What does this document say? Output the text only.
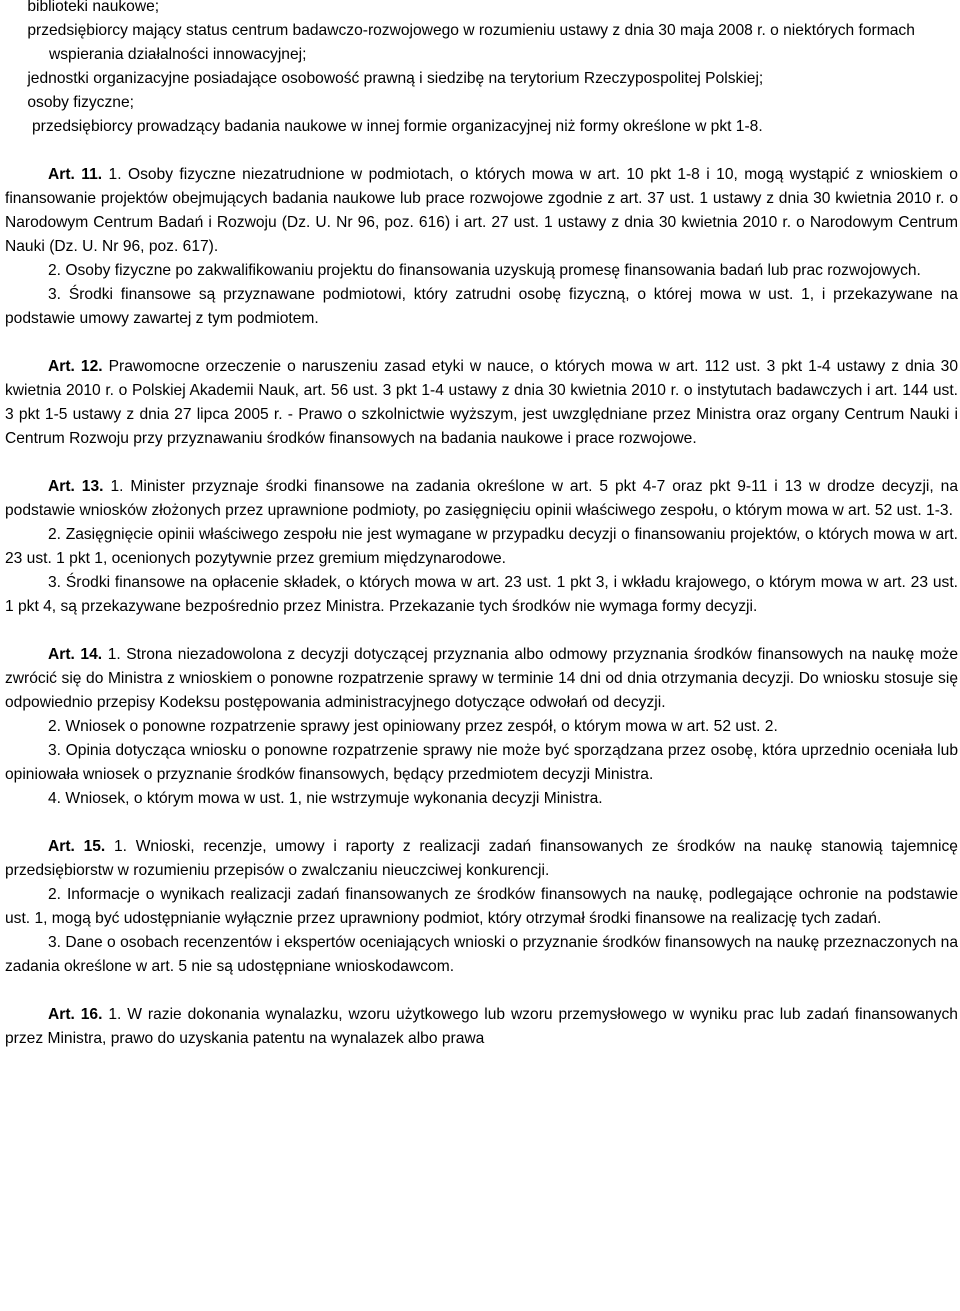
biblioteki naukowe;

przedsiębiorcy mający status centrum badawczo-rozwojowego w rozumieniu ustawy z dnia 30 maja 2008 r. o niektórych formach wspierania działalności innowacyjnej;

jednostki organizacyjne posiadające osobowość prawną i siedzibę na terytorium Rzeczypospolitej Polskiej;

osoby fizyczne;

przedsiębiorcy prowadzący badania naukowe w innej formie organizacyjnej niż formy określone w pkt 1-8.

Art. 11. 1. Osoby fizyczne niezatrudnione w podmiotach, o których mowa w art. 10 pkt 1-8 i 10, mogą wystąpić z wnioskiem o finansowanie projektów obejmujących badania naukowe lub prace rozwojowe zgodnie z art. 37 ust. 1 ustawy z dnia 30 kwietnia 2010 r. o Narodowym Centrum Badań i Rozwoju (Dz. U. Nr 96, poz. 616) i art. 27 ust. 1 ustawy z dnia 30 kwietnia 2010 r. o Narodowym Centrum Nauki (Dz. U. Nr 96, poz. 617).

2. Osoby fizyczne po zakwalifikowaniu projektu do finansowania uzyskują promesę finansowania badań lub prac rozwojowych.

3. Środki finansowe są przyznawane podmiotowi, który zatrudni osobę fizyczną, o której mowa w ust. 1, i przekazywane na podstawie umowy zawartej z tym podmiotem.

Art. 12. Prawomocne orzeczenie o naruszeniu zasad etyki w nauce, o których mowa w art. 112 ust. 3 pkt 1-4 ustawy z dnia 30 kwietnia 2010 r. o Polskiej Akademii Nauk, art. 56 ust. 3 pkt 1-4 ustawy z dnia 30 kwietnia 2010 r. o instytutach badawczych i art. 144 ust. 3 pkt 1-5 ustawy z dnia 27 lipca 2005 r. - Prawo o szkolnictwie wyższym, jest uwzględniane przez Ministra oraz organy Centrum Nauki i Centrum Rozwoju przy przyznawaniu środków finansowych na badania naukowe i prace rozwojowe.

Art. 13. 1. Minister przyznaje środki finansowe na zadania określone w art. 5 pkt 4-7 oraz pkt 9-11 i 13 w drodze decyzji, na podstawie wniosków złożonych przez uprawnione podmioty, po zasięgnięciu opinii właściwego zespołu, o którym mowa w art. 52 ust. 1-3.

2. Zasięgnięcie opinii właściwego zespołu nie jest wymagane w przypadku decyzji o finansowaniu projektów, o których mowa w art. 23 ust. 1 pkt 1, ocenionych pozytywnie przez gremium międzynarodowe.

3. Środki finansowe na opłacenie składek, o których mowa w art. 23 ust. 1 pkt 3, i wkładu krajowego, o którym mowa w art. 23 ust. 1 pkt 4, są przekazywane bezpośrednio przez Ministra. Przekazanie tych środków nie wymaga formy decyzji.

Art. 14. 1. Strona niezadowolona z decyzji dotyczącej przyznania albo odmowy przyznania środków finansowych na naukę może zwrócić się do Ministra z wnioskiem o ponowne rozpatrzenie sprawy w terminie 14 dni od dnia otrzymania decyzji. Do wniosku stosuje się odpowiednio przepisy Kodeksu postępowania administracyjnego dotyczące odwołań od decyzji.

2. Wniosek o ponowne rozpatrzenie sprawy jest opiniowany przez zespół, o którym mowa w art. 52 ust. 2.

3. Opinia dotycząca wniosku o ponowne rozpatrzenie sprawy nie może być sporządzana przez osobę, która uprzednio oceniała lub opiniowała wniosek o przyznanie środków finansowych, będący przedmiotem decyzji Ministra.

4. Wniosek, o którym mowa w ust. 1, nie wstrzymuje wykonania decyzji Ministra.

Art. 15. 1. Wnioski, recenzje, umowy i raporty z realizacji zadań finansowanych ze środków na naukę stanowią tajemnicę przedsiębiorstw w rozumieniu przepisów o zwalczaniu nieuczciwej konkurencji.

2. Informacje o wynikach realizacji zadań finansowanych ze środków finansowych na naukę, podlegające ochronie na podstawie ust. 1, mogą być udostępnianie wyłącznie przez uprawniony podmiot, który otrzymał środki finansowe na realizację tych zadań.

3. Dane o osobach recenzentów i ekspertów oceniających wnioski o przyznanie środków finansowych na naukę przeznaczonych na zadania określone w art. 5 nie są udostępniane wnioskodawcom.

Art. 16. 1. W razie dokonania wynalazku, wzoru użytkowego lub wzoru przemysłowego w wyniku prac lub zadań finansowanych przez Ministra, prawo do uzyskania patentu na wynalazek albo prawa
